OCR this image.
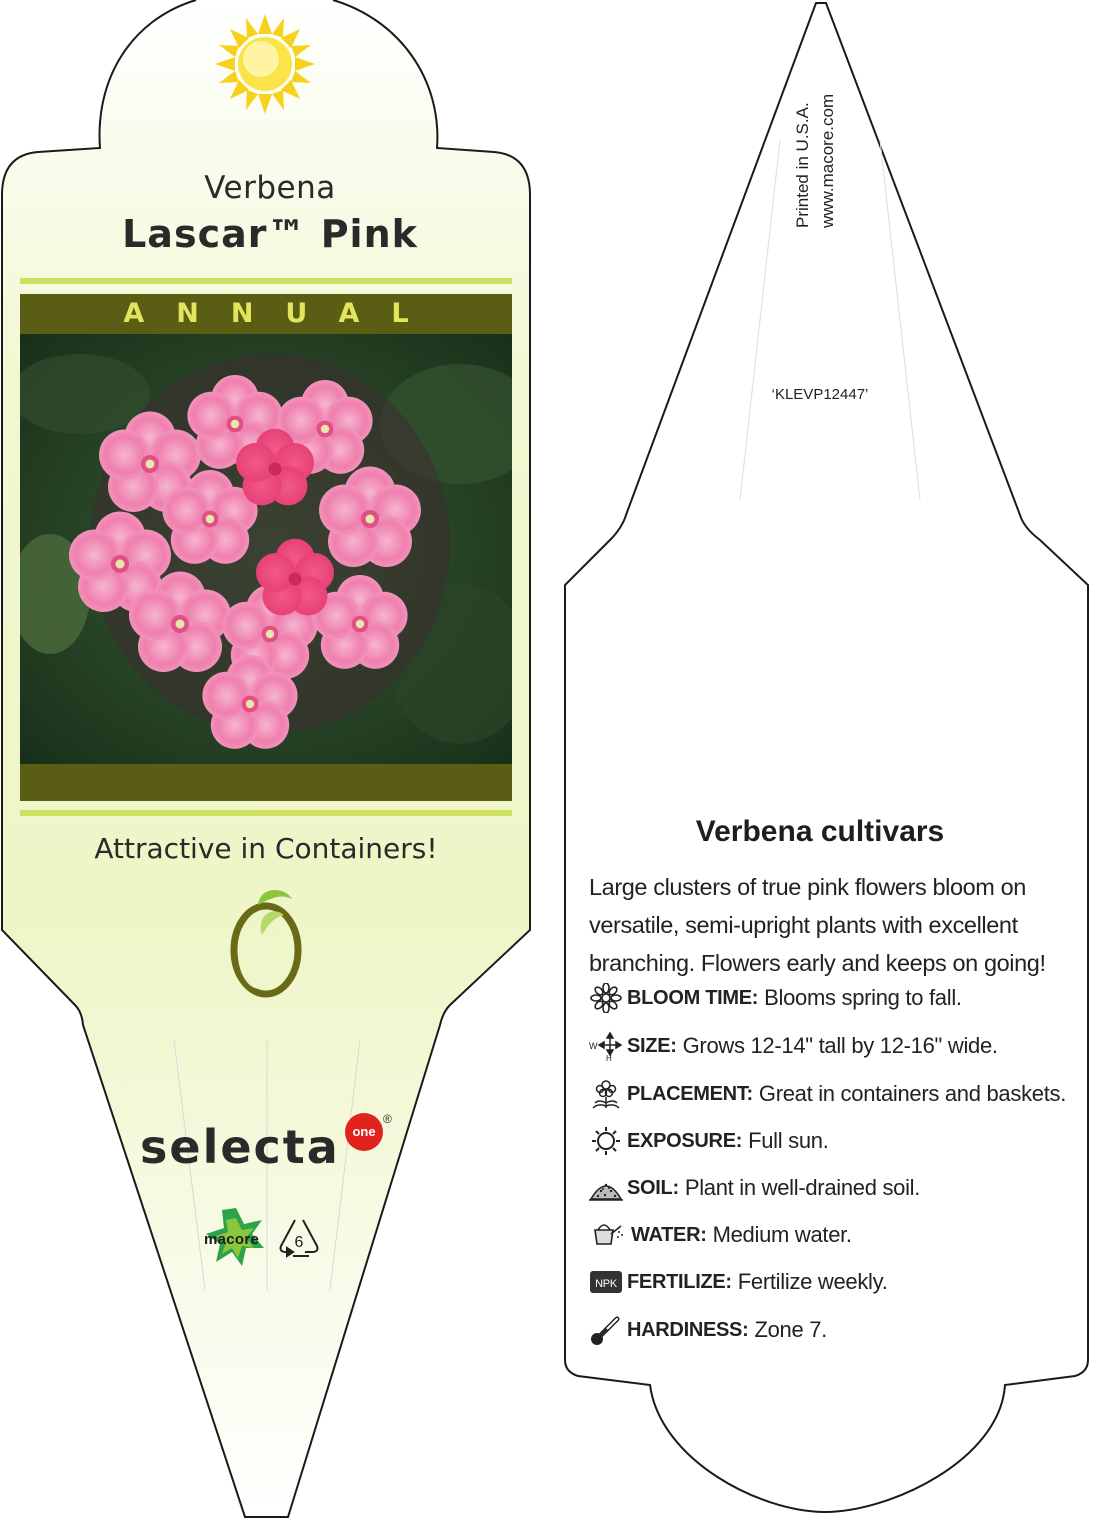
Verbena
Lascar™ Pink
ANNUAL
Attractive in Containers!
selecta one
®
macore 6
Printed in U.S.A. www.macore.com
‘KLEVP12447’
Verbena cultivars
Large clusters of true pink flowers bloom on versatile, semi-upright plants with excellent branching. Flowers early and keeps on going!
BLOOM TIME: Blooms spring to fall.
W
H
SIZE: Grows 12-14" tall by 12-16" wide.
PLACEMENT: Great in containers and baskets.
EXPOSURE: Full sun.
SOIL: Plant in well-drained soil.
WATER: Medium water.
NPK FERTILIZE: Fertilize weekly.
HARDINESS: Zone 7.
